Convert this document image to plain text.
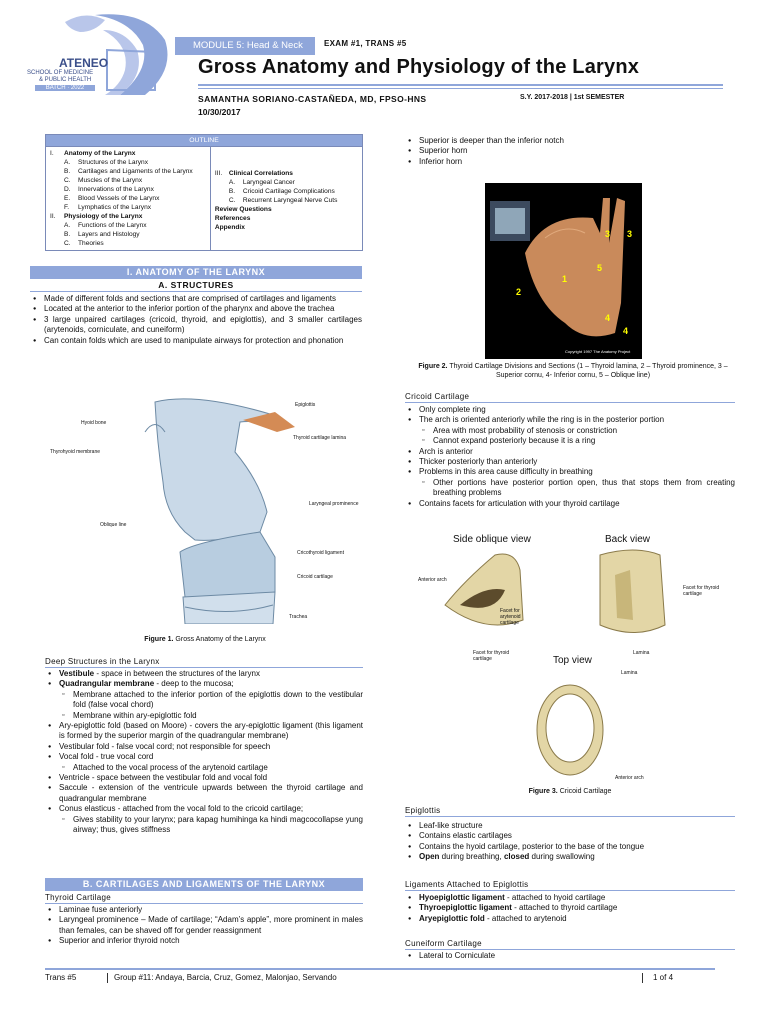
ATENEO
SCHOOL OF MEDICINE
& PUBLIC HEALTH
BATCH · 2022
MODULE 5: Head & Neck	EXAM #1, TRANS #5
Gross Anatomy and Physiology of the Larynx
SAMANTHA SORIANO-CASTAÑEDA, MD, FPSO-HNS
10/30/2017
S.Y. 2017-2018 | 1st SEMESTER
OUTLINE

I.	Anatomy of the Larynx
A.	Structures of the Larynx
B.	Cartilages and Ligaments of the Larynx
C.	Muscles of the Larynx
D.	Innervations of the Larynx
E.	Blood Vessels of the Larynx
F.	Lymphatics of the Larynx
II.	Physiology of the Larynx
A.	Functions of the Larynx
B.	Layers and Histology
C.	Theories

III.	Clinical Correlations
A.	Laryngeal Cancer
B.	Cricoid Cartilage Complications
C.	Recurrent Laryngeal Nerve Cuts
Review Questions
References
Appendix
I. ANATOMY OF THE LARYNX
A. STRUCTURES
● Made of different folds and sections that are comprised of cartilages and ligaments
● Located at the anterior to the inferior portion of the pharynx and above the trachea
● 3 large unpaired cartilages (cricoid, thyroid, and epiglottis), and 3 smaller cartilages (arytenoids, corniculate, and cuneiform)
● Can contain folds which are used to manipulate airways for protection and phonation
Hyoid bone
Thyrohyoid membrane
Oblique line
Epiglottis
Thyroid cartilage lamina
Laryngeal prominence
Cricothyroid ligament
Cricoid cartilage
Trachea
Figure 1. Gross Anatomy of the Larynx
Deep Structures in the Larynx
● Vestibule - space in between the structures of the larynx
● Quadrangular membrane - deep to the mucosa;
▫ Membrane attached to the inferior portion of the epiglottis down to the vestibular fold (false vocal chord)
▫ Membrane within ary-epiglottic fold
● Ary-epiglottic fold (based on Moore) - covers the ary-epiglottic ligament (this ligament is formed by the superior margin of the quadrangular membrane)
● Vestibular fold - false vocal cord; not responsible for speech
● Vocal fold - true vocal cord
▫ Attached to the vocal process of the arytenoid cartilage
● Ventricle - space between the vestibular fold and vocal fold
● Saccule - extension of the ventricule upwards between the thyroid cartilage and quadrangular membrane
● Conus elasticus - attached from the vocal fold to the cricoid cartilage;
▫ Gives stability to your larynx; para kapag humihinga ka hindi magcocollapse yung airway; thus, gives stiffness
B. CARTILAGES AND LIGAMENTS OF THE LARYNX
Thyroid Cartilage
● Laminae fuse anteriorly
● Laryngeal prominence – Made of cartilage; “Adam’s apple”, more prominent in males than females, can be shaved off for gender reassignment
● Superior and inferior thyroid notch
● Superior is deeper than the inferior notch
● Superior horn
● Inferior horn
1
2
3 3
4
4
5
Copyright 1997 The Anatomy Project
Figure 2. Thyroid Cartilage Divisions and Sections (1 – Thyroid lamina, 2 – Thyroid prominence, 3 – Superior cornu, 4- Inferior cornu, 5 – Oblique line)
Cricoid Cartilage
● Only complete ring
● The arch is oriented anteriorly while the ring is in the posterior portion
▫ Area with most probability of stenosis or constriction
▫ Cannot expand posteriorly because it is a ring
● Arch is anterior
● Thicker posteriorly than anteriorly
● Problems in this area cause difficulty in breathing
▫ Other portions have posterior portion open, thus that stops them from creating breathing problems
● Contains facets for articulation with your thyroid cartilage
Side oblique view	Back view
Top view
Anterior arch
Facet for arytenoid cartilage
Facet for thyroid cartilage
Facet for thyroid cartilage
Lamina
Lamina
Anterior arch
Figure 3. Cricoid Cartilage
Epiglottis
● Leaf-like structure
● Contains elastic cartilages
● Contains the hyoid cartilage, posterior to the base of the tongue
● Open during breathing, closed during swallowing
Ligaments Attached to Epiglottis
● Hyoepiglottic ligament - attached to hyoid cartilage
● Thyroepiglottic ligament - attached to thyroid cartilage
● Aryepiglottic fold - attached to arytenoid
Cuneiform Cartilage
● Lateral to Corniculate
Trans #5	Group #11: Andaya, Barcia, Cruz, Gomez, Malonjao, Servando	1 of 4
